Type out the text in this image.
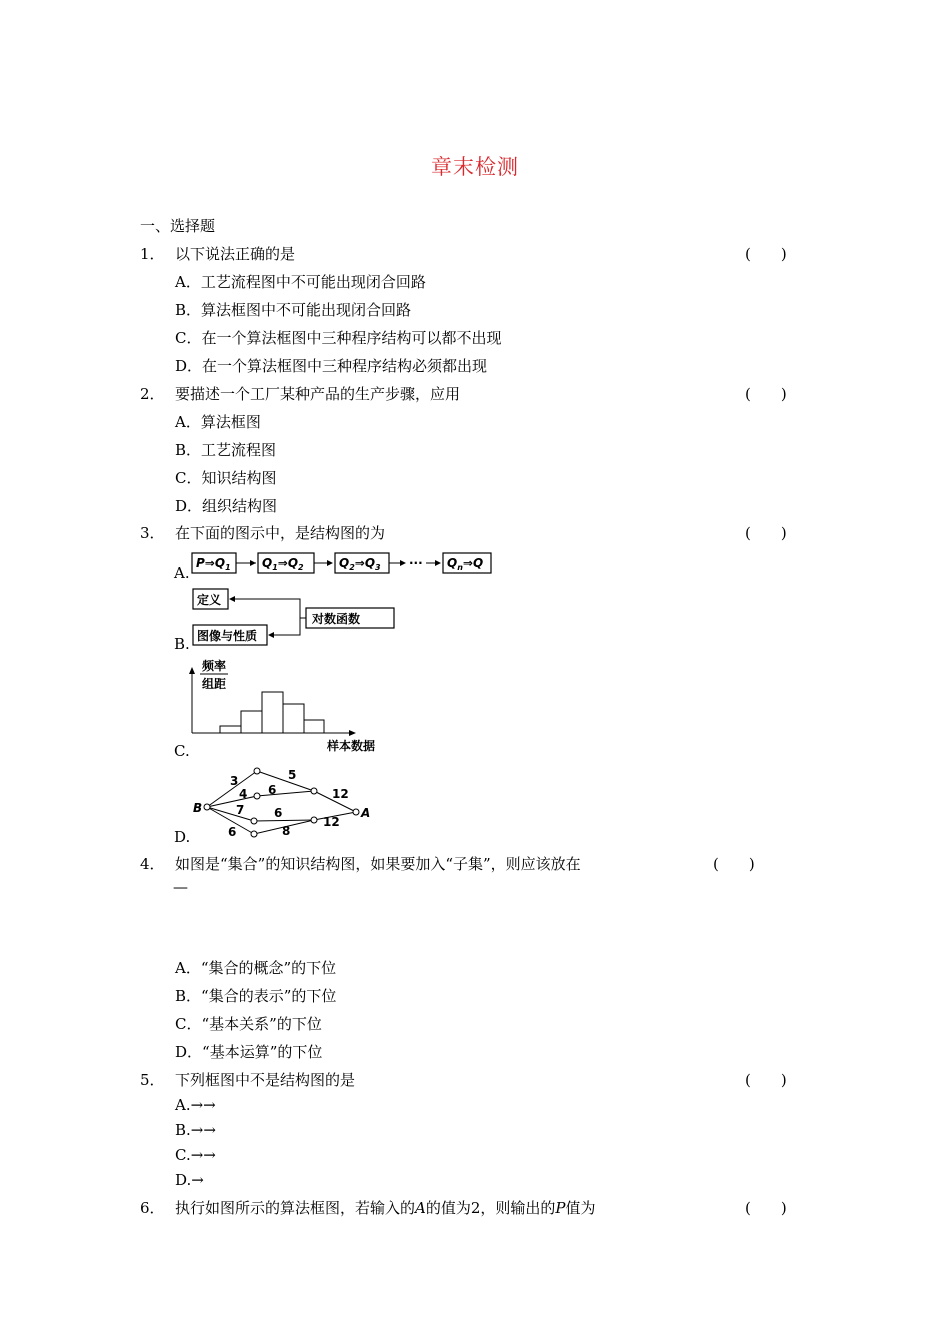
章末检测
一、选择题
1． 以下说法正确的是	(　　)
A．工艺流程图中不可能出现闭合回路
B．算法框图中不可能出现闭合回路
C．在一个算法框图中三种程序结构可以都不出现
D．在一个算法框图中三种程序结构必须都出现
2． 要描述一个工厂某种产品的生产步骤，应用	(　　)
A．算法框图
B．工艺流程图
C．知识结构图
D．组织结构图
3． 在下面的图示中，是结构图的为	(　　)
A.
$P\Rightarrow Q_1$	$Q_1\Rightarrow Q_2$	$Q_2\Rightarrow Q_3$ ··· $Q_n\Rightarrow Q$
B.
定义
图像与性质
对数函数
C.
频率
组距
样本数据
D.
B	A
3	5
4 6	12
7 6
12
6	8
4． 如图是“集合”的知识结构图，如果要加入“子集”，则应该放在	(　　)
—
A．“集合的概念”的下位
B．“集合的表示”的下位
C．“基本关系”的下位
D．“基本运算”的下位
5． 下列框图中不是结构图的是	(　　)
A.→→
B.→→
C.→→
D.→
6． 执行如图所示的算法框图，若输入的A的值为2，则输出的P值为	(　　)
